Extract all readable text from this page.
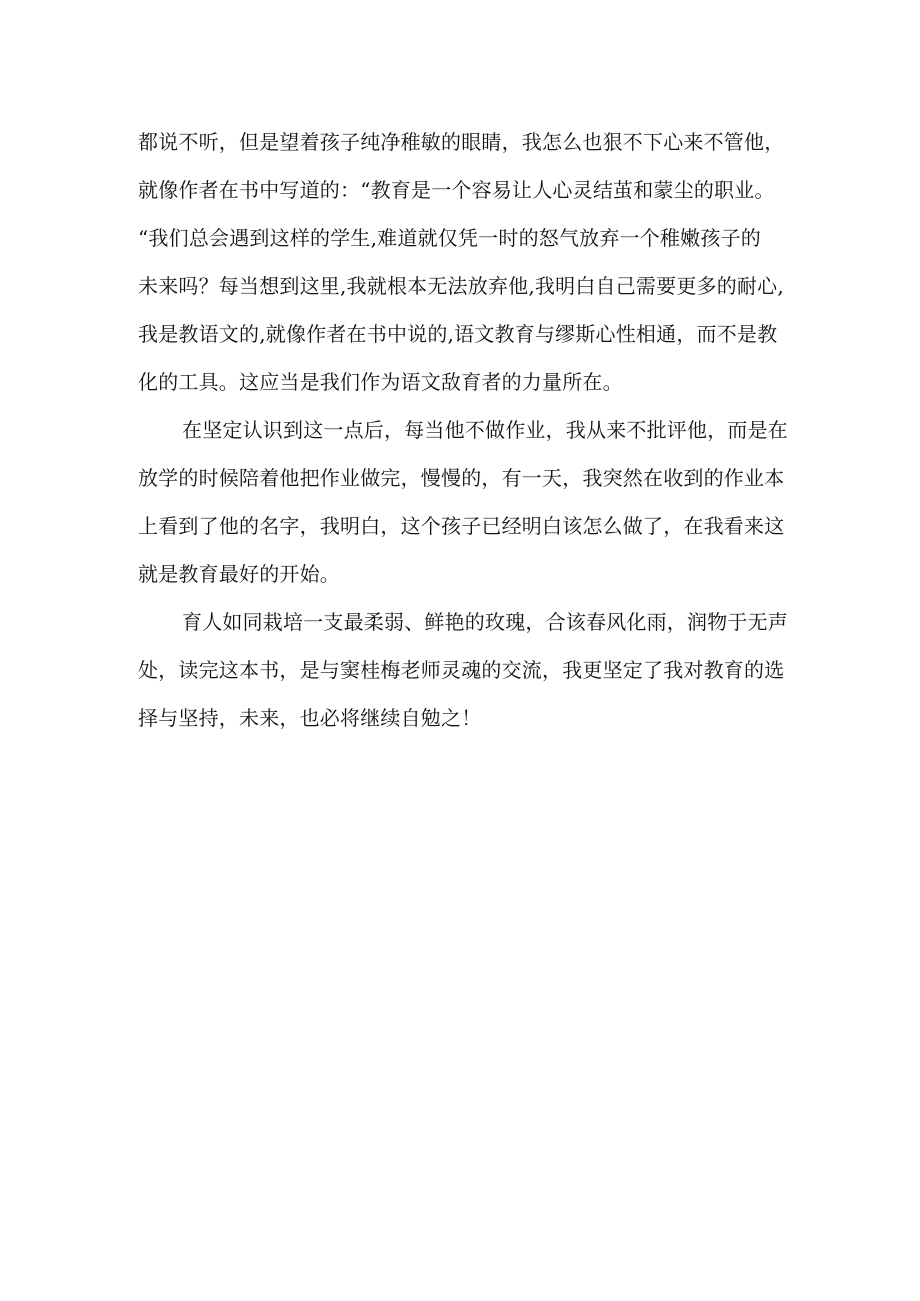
都说不听，但是望着孩子纯净稚敏的眼睛，我怎么也狠不下心来不管他，
就像作者在书中写道的：“教育是一个容易让人心灵结茧和蒙尘的职业。
“我们总会遇到这样的学生,难道就仅凭一时的怒气放弃一个稚嫩孩子的
未来吗？每当想到这里,我就根本无法放弃他,我明白自己需要更多的耐心,
我是教语文的,就像作者在书中说的,语文教育与缪斯心性相通，而不是教
化的工具。这应当是我们作为语文敌育者的力量所在。
在坚定认识到这一点后，每当他不做作业，我从来不批评他，而是在
放学的时候陪着他把作业做完，慢慢的，有一天，我突然在收到的作业本
上看到了他的名字，我明白，这个孩子已经明白该怎么做了，在我看来这
就是教育最好的开始。
育人如同栽培一支最柔弱、鲜艳的玫瑰，合该春风化雨，润物于无声
处，读完这本书，是与窦桂梅老师灵魂的交流，我更坚定了我对教育的选
择与坚持，未来，也必将继续自勉之！
